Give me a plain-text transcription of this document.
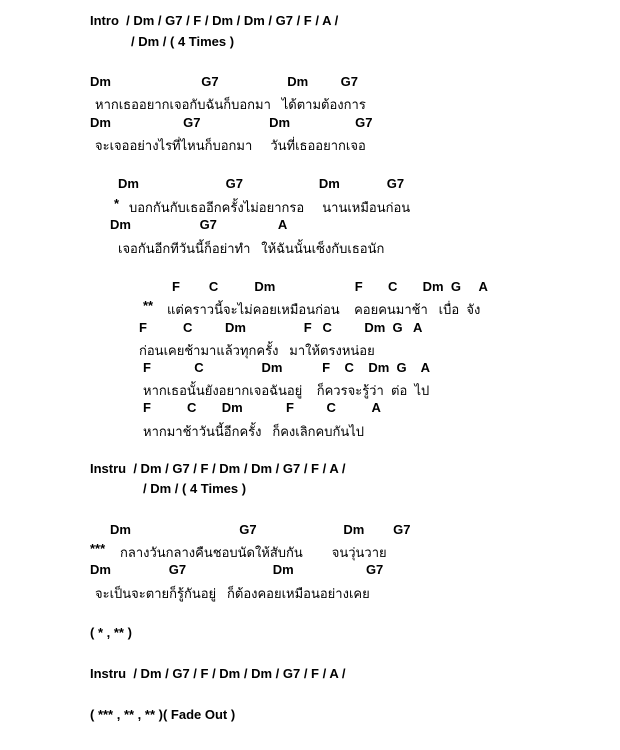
Intro  / Dm / G7 / F / Dm / Dm / G7 / F / A /
/ Dm / ( 4 Times )
Dm                         G7                   Dm         G7
หากเธออยากเจอกับฉันก็บอกมา   ได้ตามต้องการ
Dm                    G7                   Dm                  G7
จะเจออย่างไรที่ไหนก็บอกมา     วันที่เธออยากเจอ
Dm                        G7                     Dm             G7
* บอกกันกับเธออีกครั้งไม่อยากรอ     นานเหมือนก่อน
Dm                   G7                 A
เจอกันอีกทีวันนี้ก็อย่าทำ   ให้ฉันนั้นเซ็งกับเธอนัก
F        C          Dm                      F       C       Dm  G     A
** แต่คราวนี้จะไม่คอยเหมือนก่อน    คอยคนมาช้า   เบื่อ  จัง
F          C         Dm                F   C         Dm  G   A
ก่อนเคยช้ามาแล้วทุกครั้ง   มาให้ตรงหน่อย
F            C                Dm           F    C    Dm  G    A
หากเธอนั้นยังอยากเจอฉันอยู่    ก็ควรจะรู้ว่า  ต่อ  ไป
F          C       Dm            F         C          A
หากมาช้าวันนี้อีกครั้ง   ก็คงเลิกคบกันไป
Instru  / Dm / G7 / F / Dm / Dm / G7 / F / A /
/ Dm / ( 4 Times )
Dm                              G7                        Dm        G7
*** กลางวันกลางคืนชอบนัดให้สับกัน        จนวุ่นวาย
Dm                G7                        Dm                    G7
จะเป็นจะตายก็รู้กันอยู่   ก็ต้องคอยเหมือนอย่างเคย
( * , ** )
Instru  / Dm / G7 / F / Dm / Dm / G7 / F / A /
( *** , ** , ** )( Fade Out )
